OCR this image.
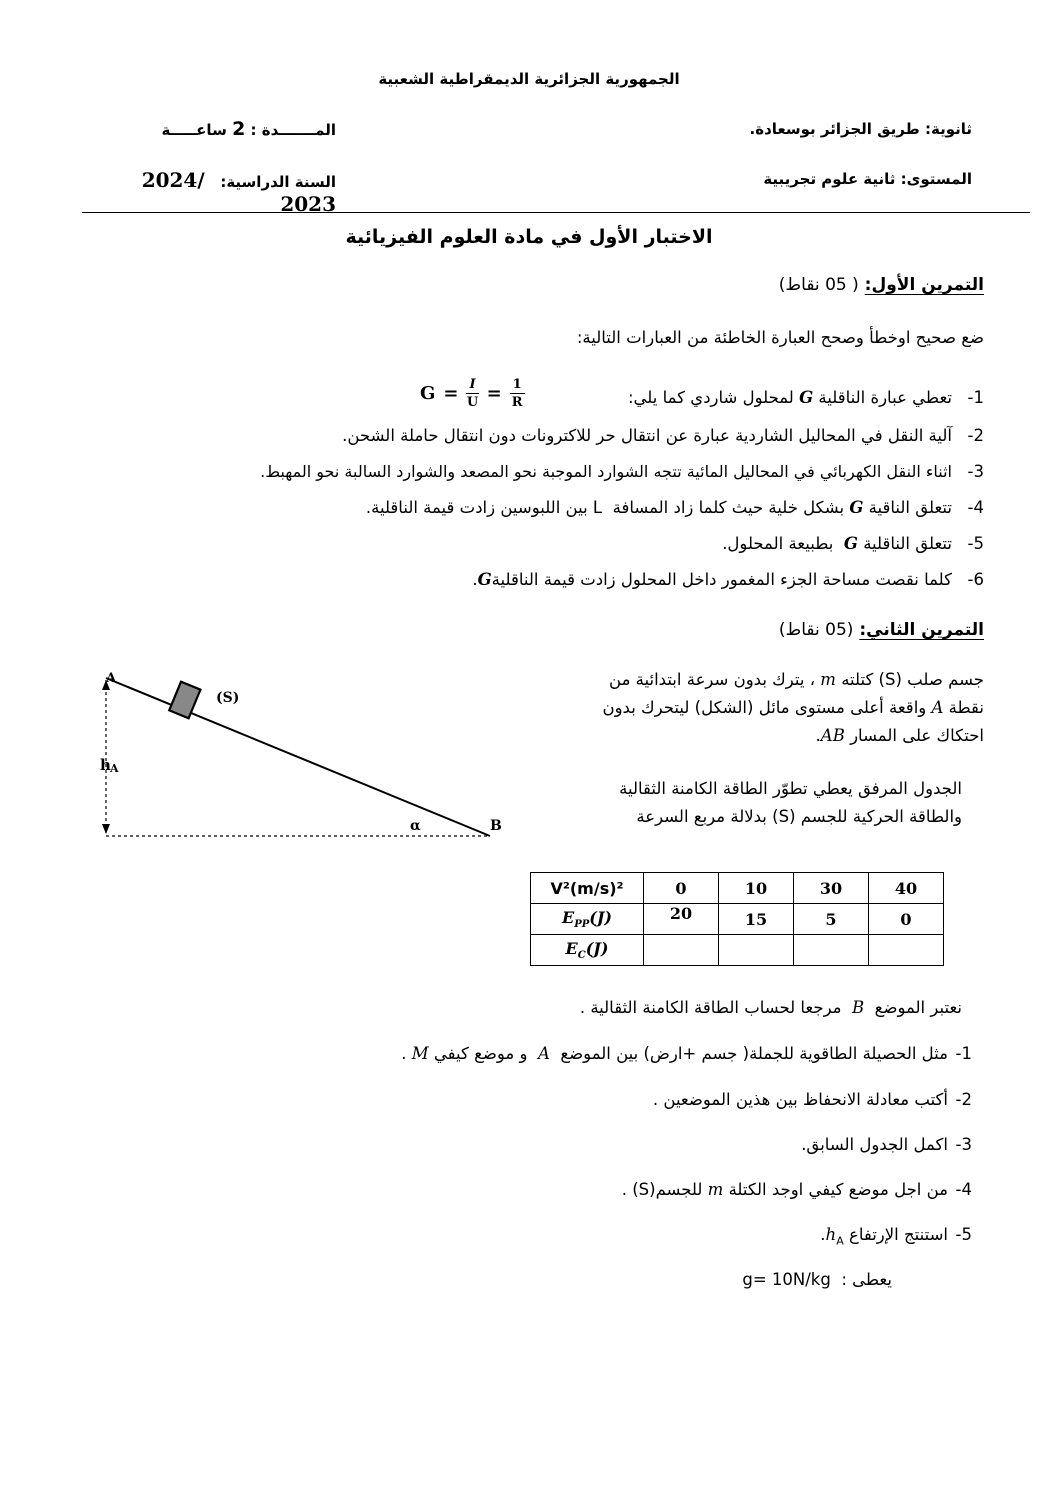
الجمهورية الجزائرية الديمقراطية الشعبية
ثانوية: طريق الجزائر بوسعادة.
المستوى: ثانية علوم تجريبية
المـــــــدة : 2 ساعـــــة
السنة الدراسية:   2024/ 2023
الاختبار الأول في مادة العلوم الفيزيائية
التمرين الأول: ( 05 نقاط)
ضع صحيح اوخطأ وصحح العبارة الخاطئة من العبارات التالية:
-1
تعطي عبارة الناقلية G لمحلول شاردي كما يلي:
$G = \frac{I}{U} = \frac{1}{R}$
-2
آلية النقل في المحاليل الشاردية عبارة عن انتقال حر للاكترونات دون انتقال حاملة الشحن.
-3
اثناء النقل الكهربائي في المحاليل المائية تتجه الشوارد الموجبة نحو المصعد والشوارد السالبة نحو المهبط.
-4
تتعلق الناقية G بشكل خلية حيث كلما زاد المسافة  L بين اللبوسين زادت قيمة الناقلية.
-5
تتعلق الناقلية G  بطبيعة المحلول.
-6
كلما نقصت مساحة الجزء المغمور داخل المحلول زادت قيمة الناقليةG.
التمرين الثاني: (05 نقاط)
جسم صلب (S) كتلته m ، يترك بدون سرعة ابتدائية من
نقطة A واقعة أعلى مستوى مائل (الشكل) ليتحرك بدون
احتكاك على المسار AB.
الجدول المرفق يعطي تطوّر الطاقة الكامنة الثقالية
والطاقة الحركية للجسم (S) بدلالة مربع السرعة
A
B
(S)
h A
α
V²(m/s)²	0	10	30	40
$E_{PP}(J)$	20	15	5	0
$E_C(J)$				
نعتبر الموضع  B  مرجعا لحساب الطاقة الكامنة الثقالية .
-1
مثل الحصيلة الطاقوية للجملة( جسم +ارض) بين الموضع  A  و موضع كيفي M .
-2
أكتب معادلة الانحفاظ بين هذين الموضعين .
-3
اكمل الجدول السابق.
-4
من اجل موضع كيفي اوجد الكتلة m للجسم(S) .
-5
استنتج الإرتفاع $h_A$.
يعطى :  g= 10N/kg
